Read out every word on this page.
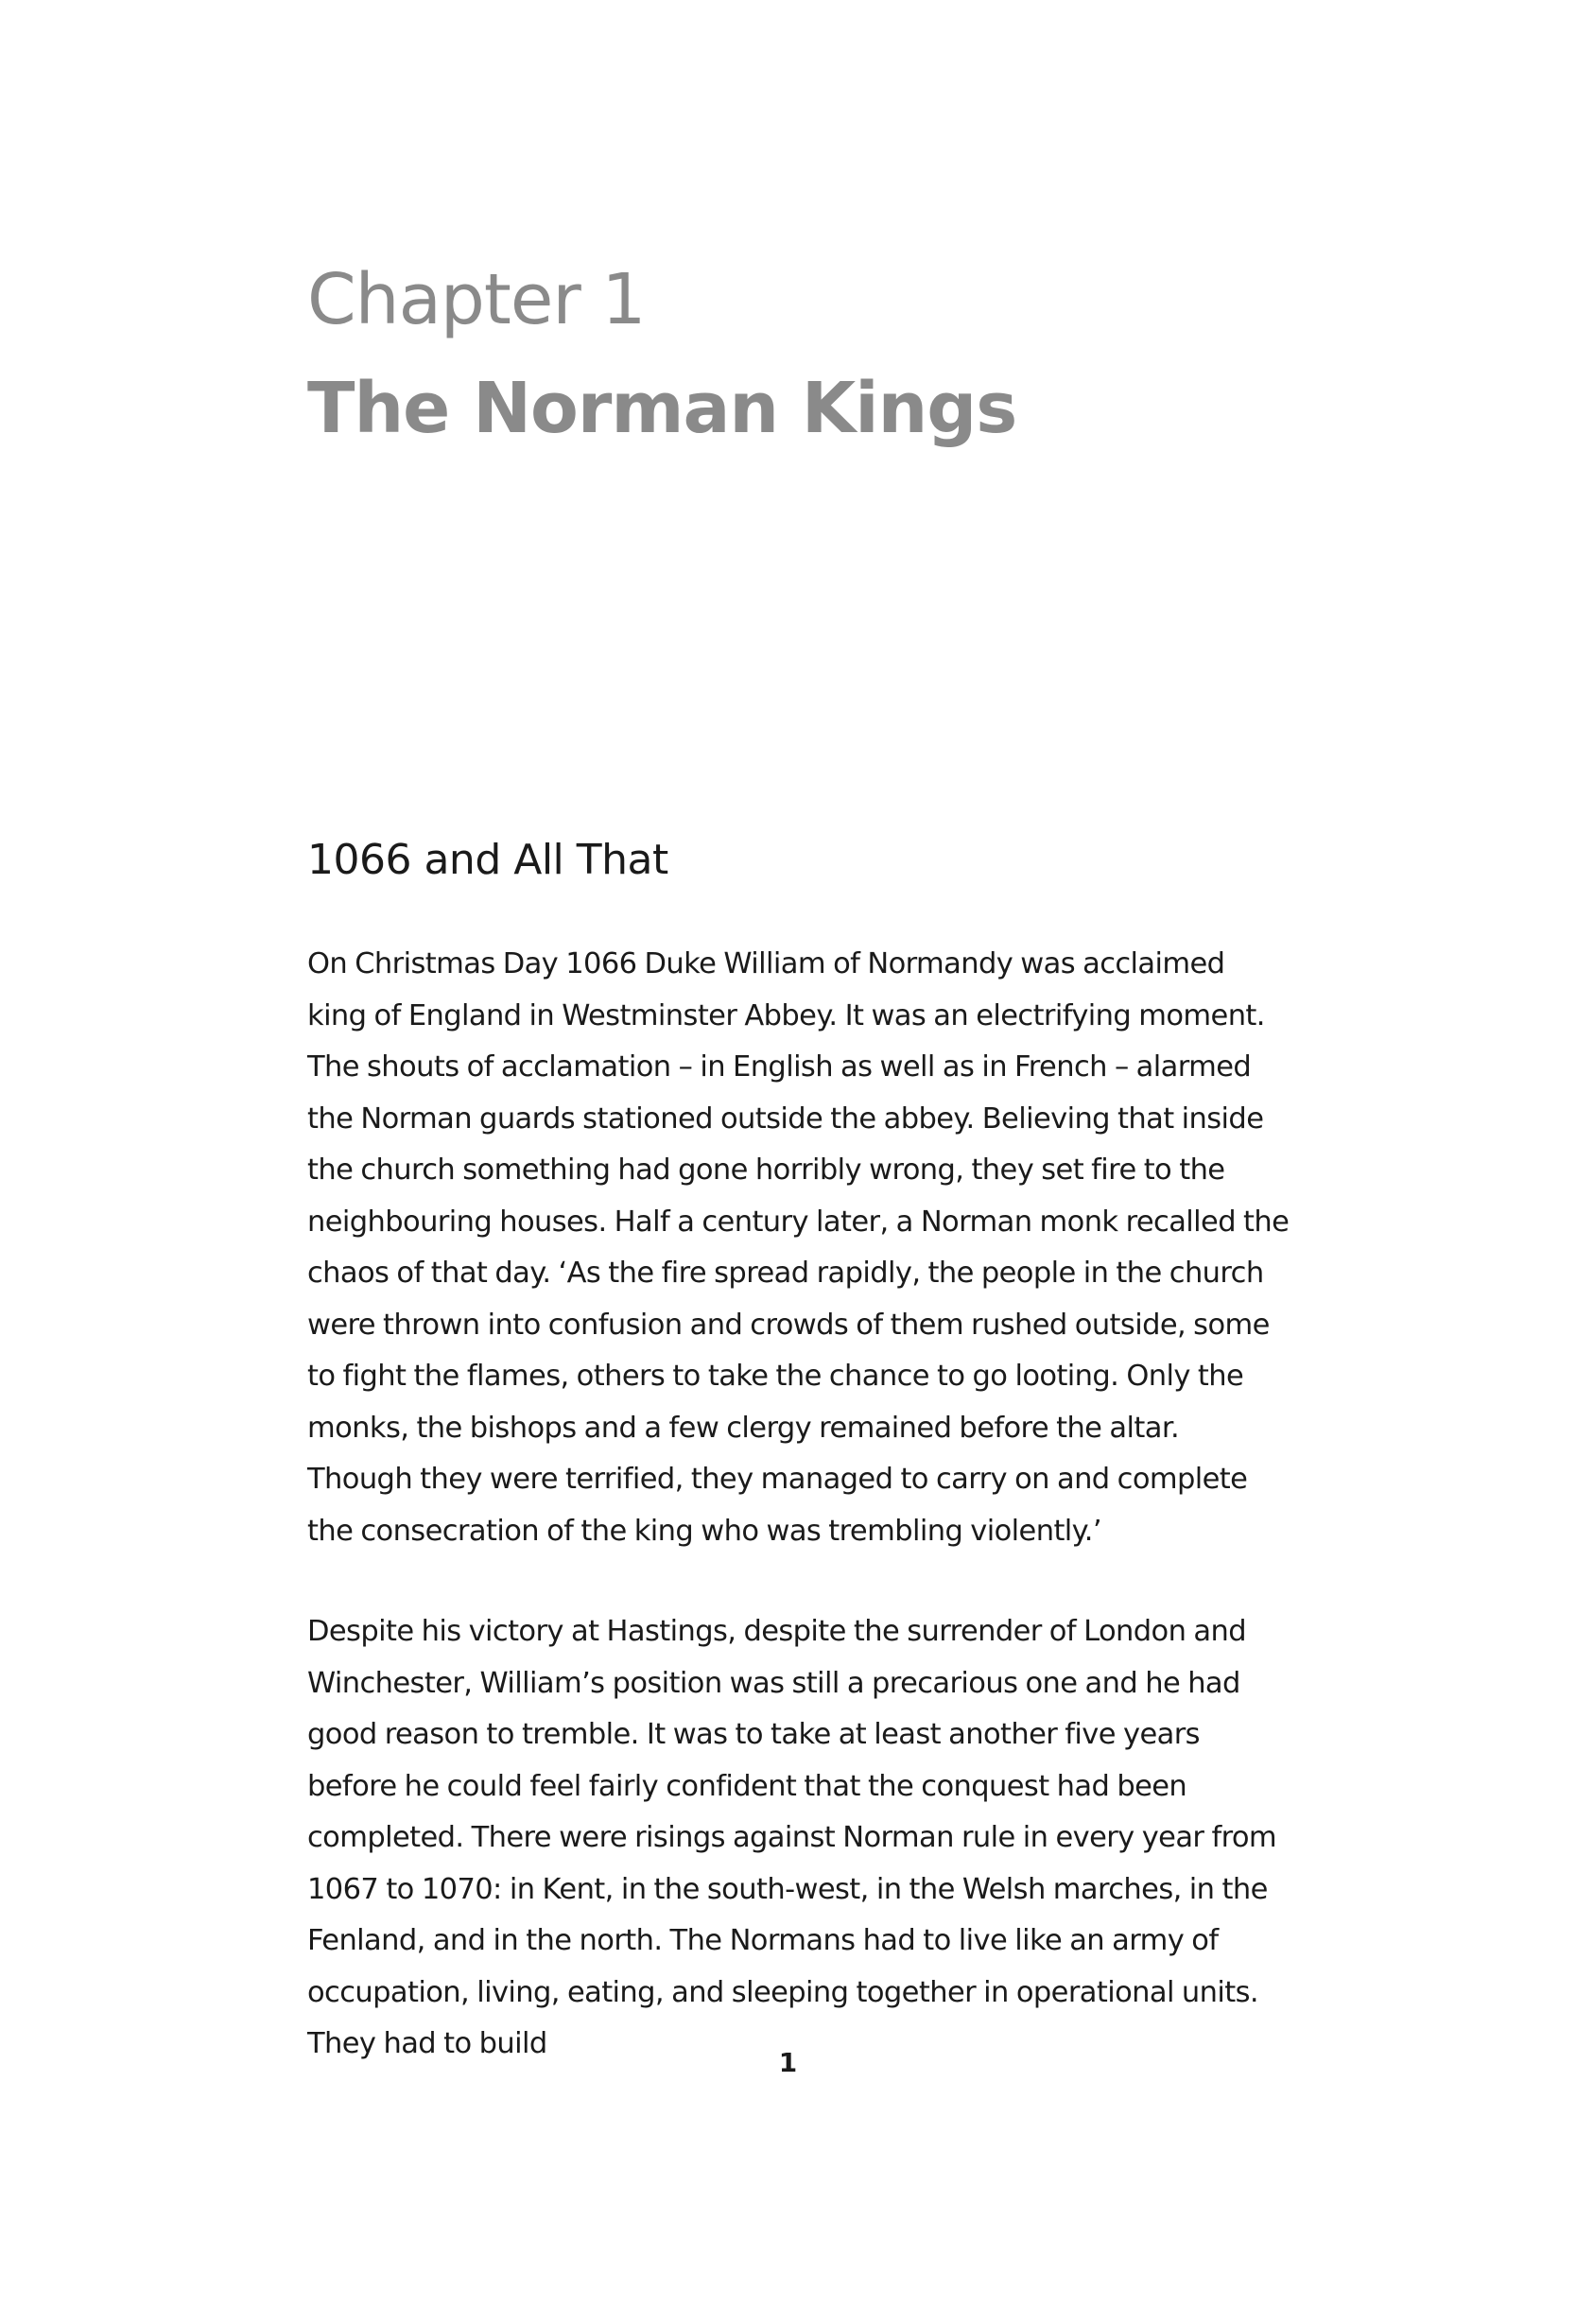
Chapter 1
The Norman Kings
1066 and All That

On Christmas Day 1066 Duke William of Normandy was acclaimed king of England in Westminster Abbey. It was an electrifying moment. The shouts of acclamation – in English as well as in French – alarmed the Norman guards stationed outside the abbey. Believing that inside the church something had gone horribly wrong, they set fire to the neighbouring houses. Half a century later, a Norman monk recalled the chaos of that day. ‘As the fire spread rapidly, the people in the church were thrown into confusion and crowds of them rushed outside, some to fight the flames, others to take the chance to go looting. Only the monks, the bishops and a few clergy remained before the altar. Though they were terrified, they managed to carry on and complete the consecration of the king who was trembling violently.’

Despite his victory at Hastings, despite the surrender of London and Winchester, William’s position was still a precarious one and he had good reason to tremble. It was to take at least another five years before he could feel fairly confident that the conquest had been completed. There were risings against Norman rule in every year from 1067 to 1070: in Kent, in the south-west, in the Welsh marches, in the Fenland, and in the north. The Normans had to live like an army of occupation, living, eating, and sleeping together in operational units. They had to build

1
